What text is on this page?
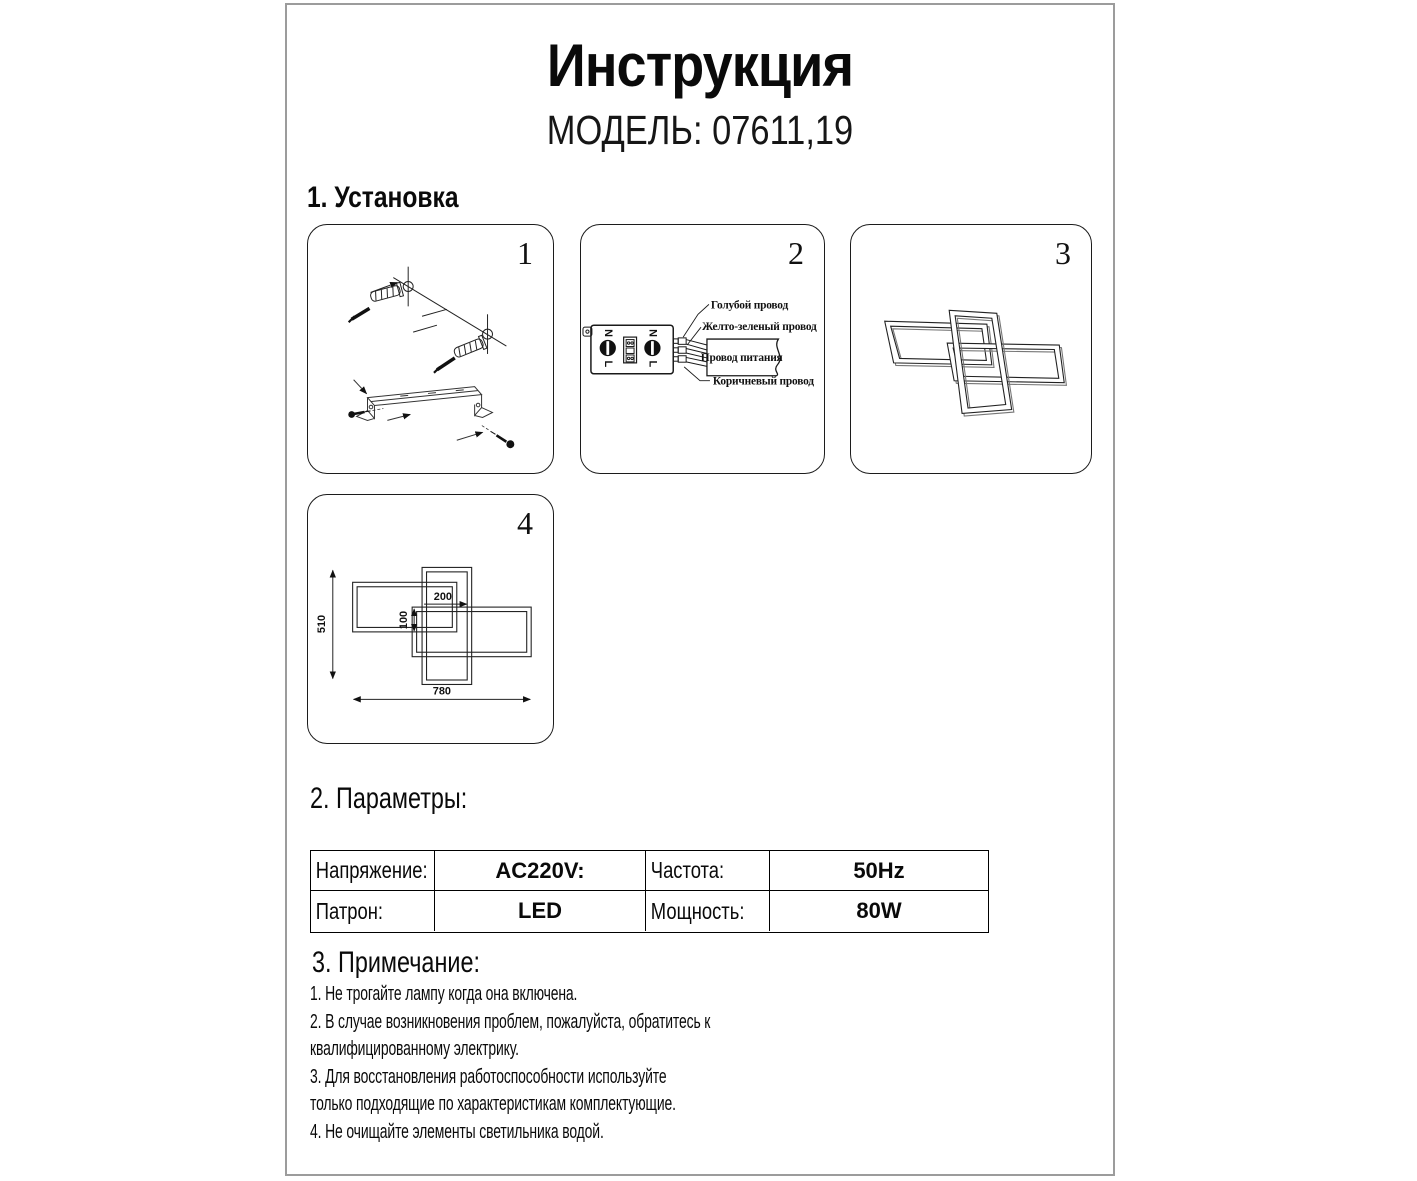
Инструкция
МОДЕЛЬ: 07611,19
1. Установка
1
N
L
N
L
Голубой провод
Желто-зеленый провод
Провод питания
Коричневый провод
2	3
510
780
200
100
4
2. Параметры:
Напряжение:	AC220V:	Частота:	50Hz
Патрон:	LED	Мощность:	80W
3. Примечание:
1. Не трогайте лампу когда она включена.
2. В случае возникновения проблем, пожалуйста, обратитесь к
квалифицированному электрику.
3. Для восстановления работоспособности используйте
только подходящие по характеристикам комплектующие.
4. Не очищайте элементы светильника водой.
